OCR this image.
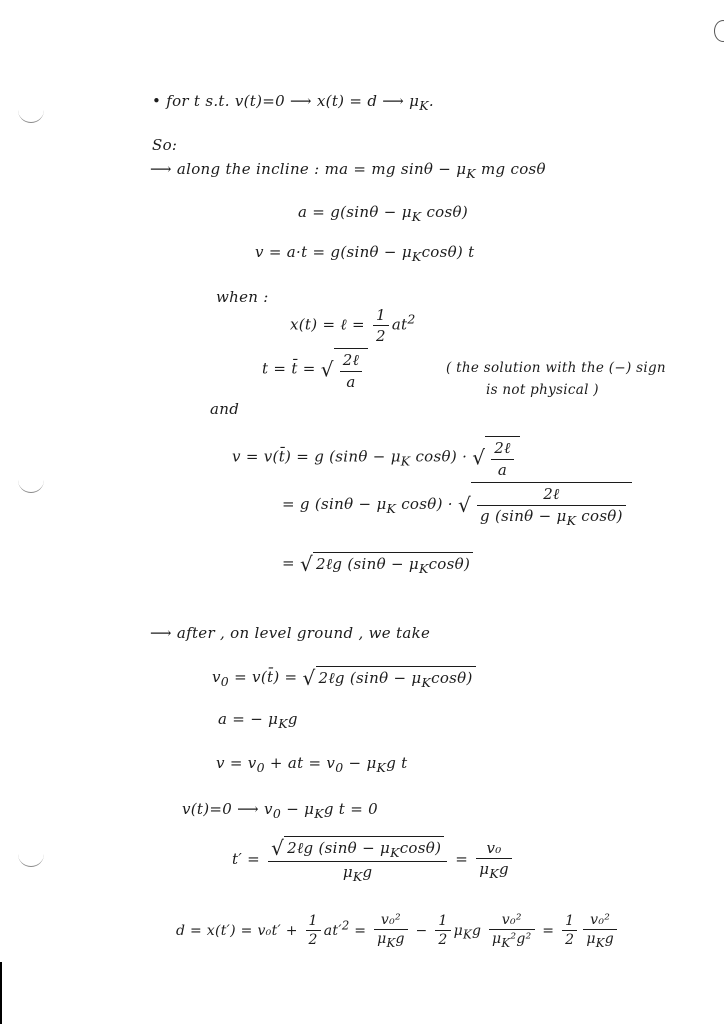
• for t s.t. v(t)=0 ⟶ x(t) = d ⟶ $\mu_K$.
So:
⟶ along the incline : ma = mg $\sin\theta - \mu_K$ mg cosθ
$a = g(\sin\theta - \mu_K$ cosθ)
$v = a\cdot t = g(\sin\theta - \mu_K\cos\theta)$ t
when :
x(t) = ℓ = $\frac{1}{2} at^2$
t = t̄ = √ $\frac{\text{2ℓ}}{a}$	( the solution with the (−) sign
is not physical )
and
v = v(t̄) = g ($\sin\theta - \mu_K$ cosθ) · √ $\frac{\text{2ℓ}}{a}$
= g ($\sin\theta - \mu_K$ cosθ) · √ $\frac{\text{2ℓ}}{g (\sin\theta - \mu_K \cos\theta)}$
= √ 2ℓg $(\sin\theta - \mu_K\cos\theta)$
⟶ after , on level ground , we take
$v_0$ = v(t̄) = √ 2ℓg $(\sin\theta - \mu_K\cos\theta)$
a = − $\mu_Kg$
$v = v_0$ + at = $v_0 - \mu_Kg$ t
v(t)=0 ⟶ $v_0 - \mu_Kg$ t = 0
$t' = \frac{√ 2\ell g (\sin\theta - \mu_K\cos\theta)}{\mu_Kg} = \frac{\text{v₀}}{\mu_Kg}$
$d = x(t') = v_0t' + \frac{1}{2} at'^2 = \frac{\text{v₀²}}{\mu_Kg} - \frac{1}{2} \mu_Kg \frac{\text{v₀²}}{\mu_K^2g^2} = \frac{1}{2} \frac{\text{v₀²}}{\mu_Kg}$
